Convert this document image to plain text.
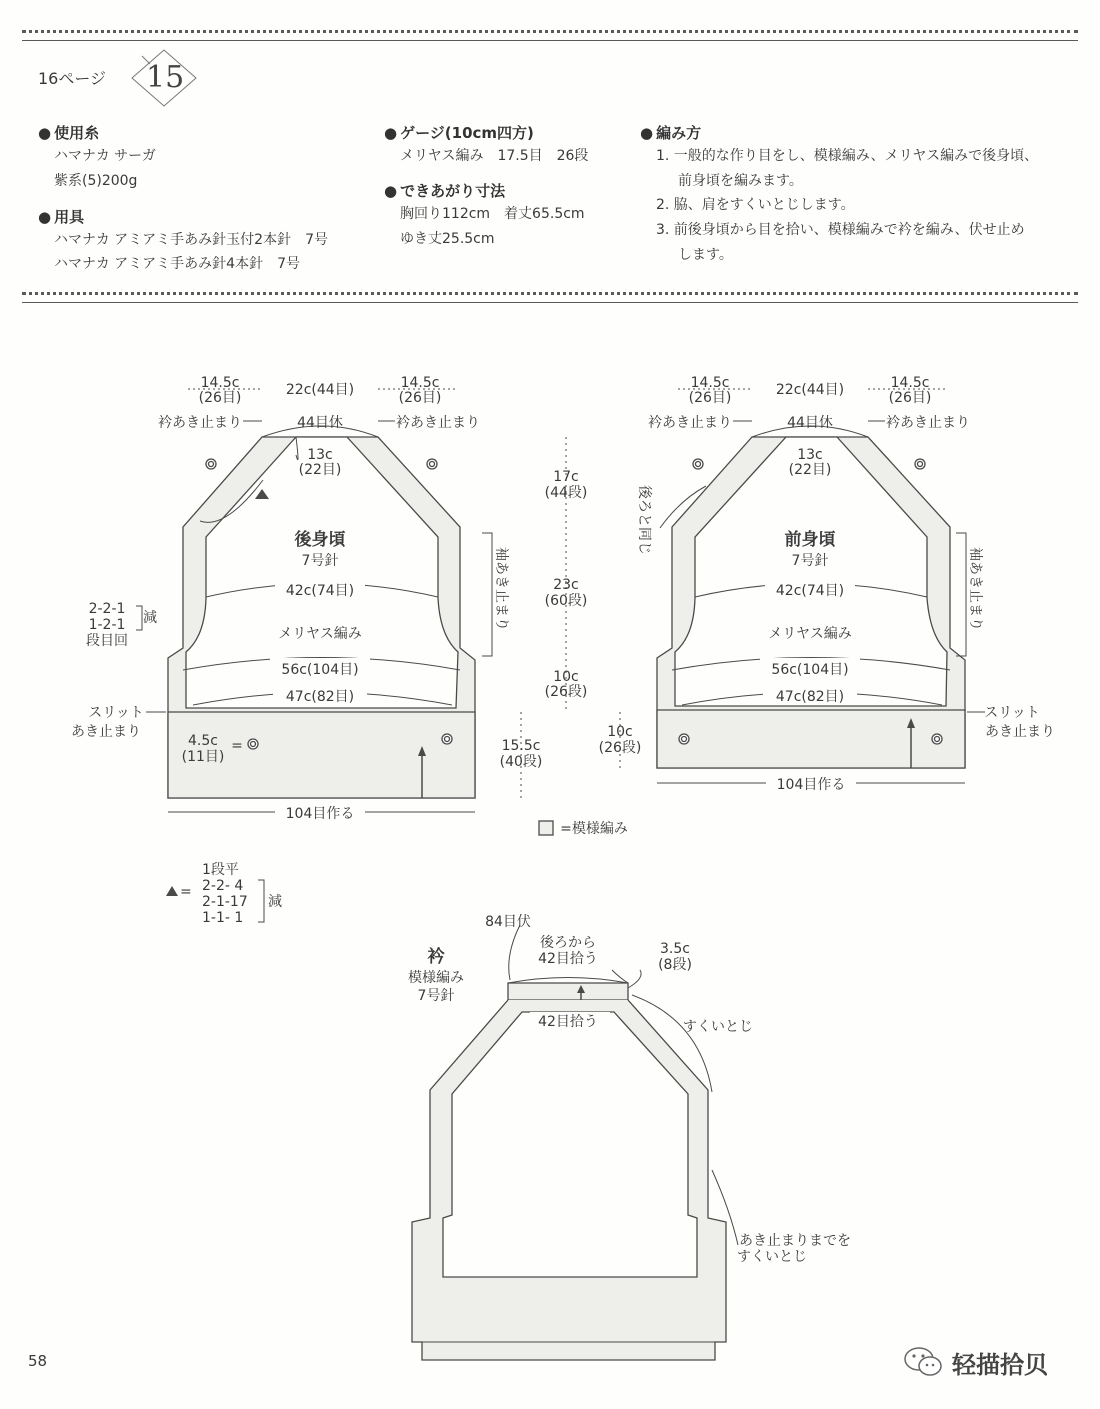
16ページ 15
● 使用糸
ハマナカ サーガ
紫系(5)200g
● 用具
ハマナカ アミアミ手あみ針玉付2本針　7号
ハマナカ アミアミ手あみ針4本針　7号
● ゲージ(10cm四方)
メリヤス編み　17.5目　26段
● できあがり寸法
胸回り112cm　着丈65.5cm
ゆき丈25.5cm
● 編み方
1. 一般的な作り目をし、模様編み、メリヤス編みで後身頃、
前身頃を編みます。
2. 脇、肩をすくいとじします。
3. 前後身頃から目を拾い、模様編みで衿を編み、伏せ止め
します。
14.5c
(26目)	22c(44目)	14.5c
(26目)
衿あき止まり	44目休	衿あき止まり
13c
(22目)
後身頃
7号針
42c(74目)
メリヤス編み
56c(104目)
47c(82目)
2-2-1
1-2-1
段目回
減
スリット
あき止まり
4.5c
(11目)
=
袖あき止まり
104目作る
17c
(44段)
23c
(60段)
10c
(26段)
15.5c
(40段)
10c
(26段)
=模様編み
14.5c
(26目)	22c(44目)	14.5c
(26目)
衿あき止まり	44目休	衿あき止まり
13c
(22目)
前身頃
7号針
後ろと同じ
42c(74目)
メリヤス編み
56c(104目)
47c(82目)
袖あき止まり
スリット
あき止まり
104目作る
=
1段平
2-2- 4
2-1-17
1-1- 1
減
衿
模様編み
7号針
84目伏
後ろから
42目拾う
3.5c
(8段)
42目拾う	すくいとじ
あき止まりまでを
すくいとじ
58	轻描拾贝
